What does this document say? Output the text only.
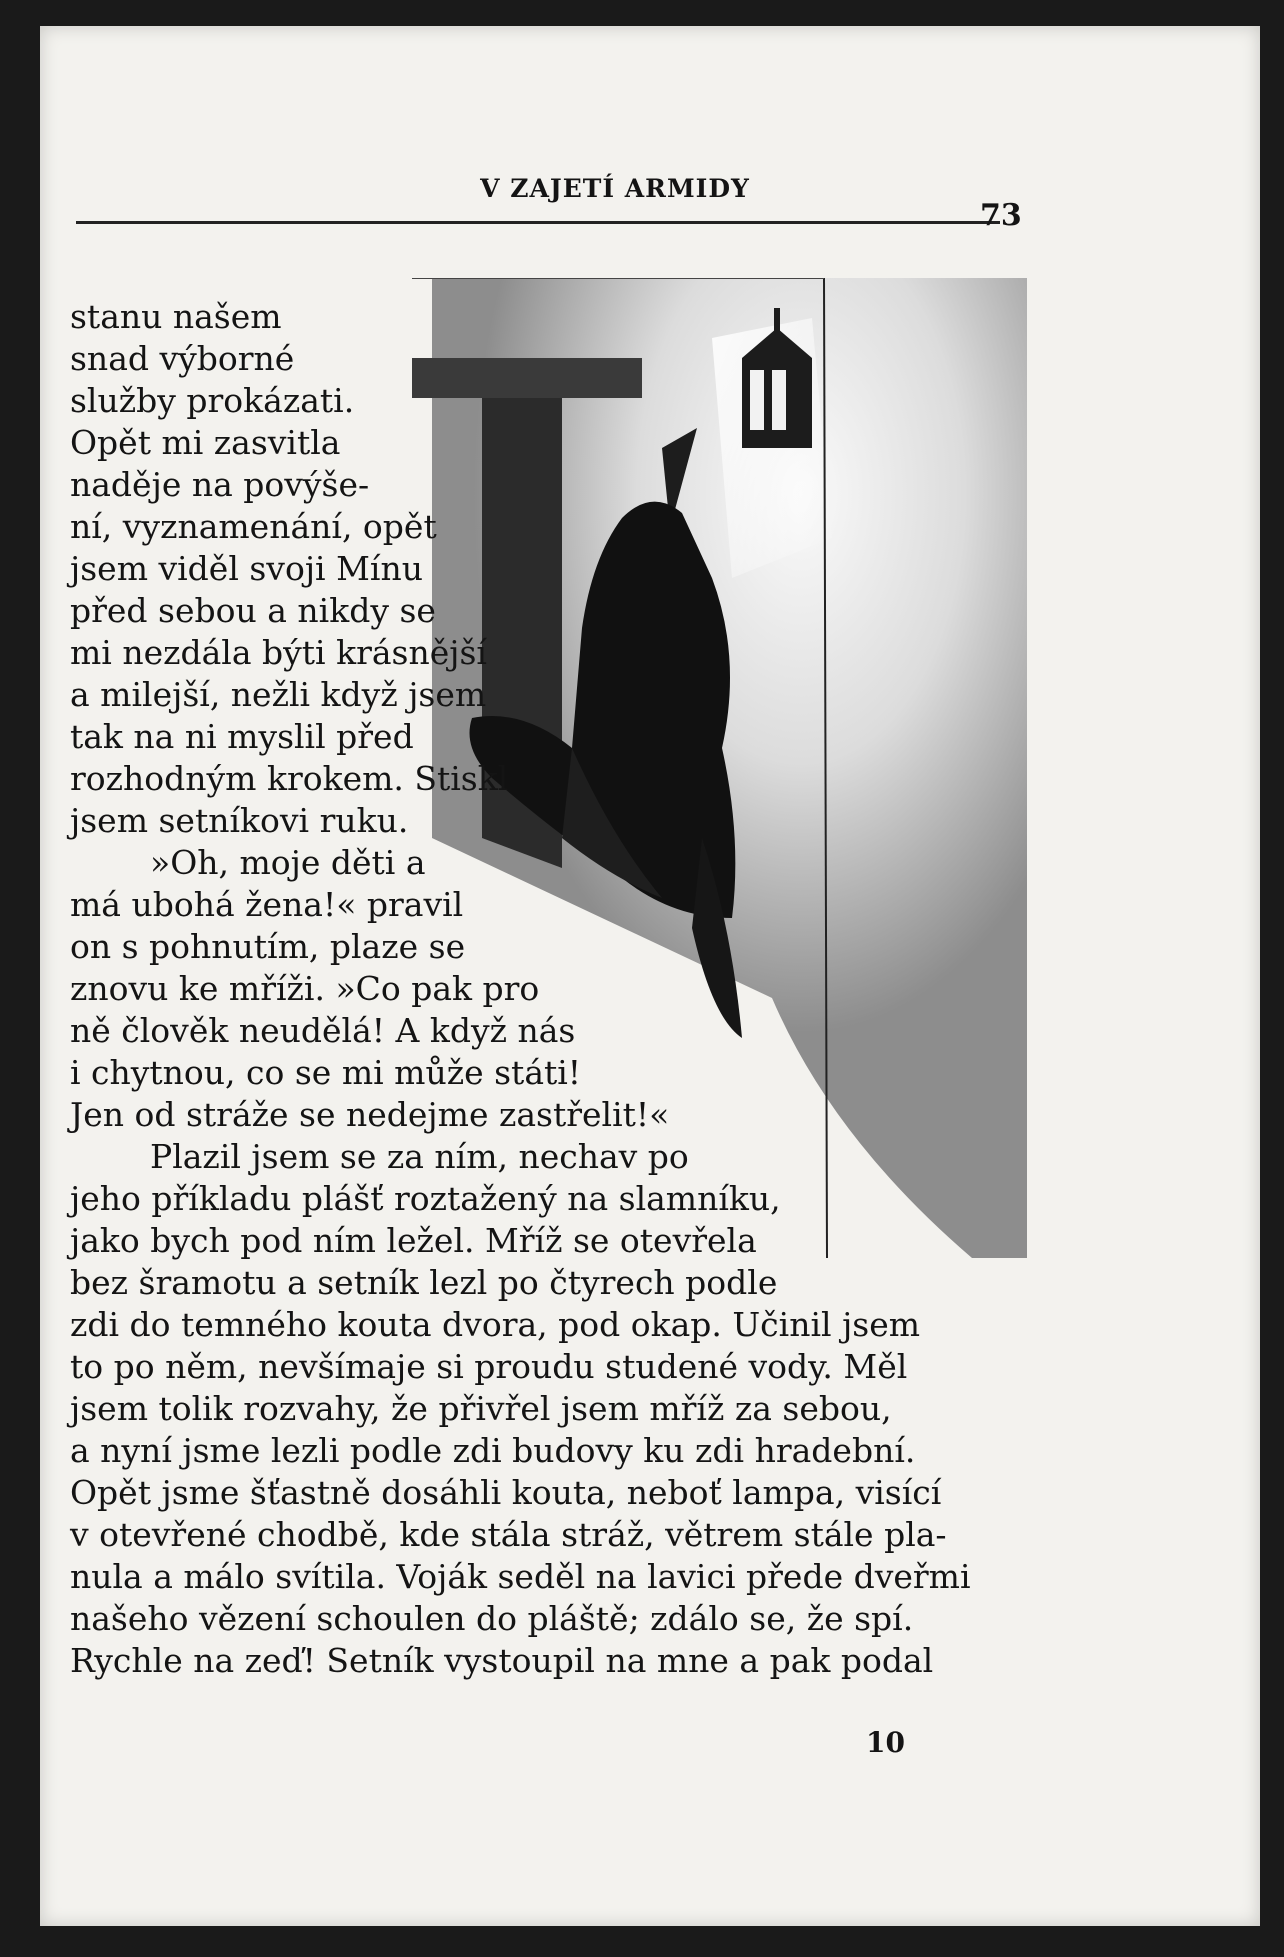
V ZAJETÍ ARMIDY
73
stanu našem
snad výborné
služby prokázati.
Opět mi zasvitla
naděje na povýše-
ní, vyznamenání, opět
jsem viděl svoji Mínu
před sebou a nikdy se
mi nezdála býti krásnější
a milejší, nežli když jsem
tak na ni myslil před
rozhodným krokem. Stiskl
jsem setníkovi ruku.
»Oh, moje děti a
má ubohá žena!« pravil
on s pohnutím, plaze se
znovu ke mříži. »Co pak pro
ně člověk neudělá! A když nás
i chytnou, co se mi může státi!
Jen od stráže se nedejme zastřelit!«
Plazil jsem se za ním, nechav po
jeho příkladu plášť roztažený na slamníku,
jako bych pod ním ležel. Mříž se otevřela
bez šramotu a setník lezl po čtyrech podle
zdi do temného kouta dvora, pod okap. Učinil jsem
to po něm, nevšímaje si proudu studené vody. Měl
jsem tolik rozvahy, že přivřel jsem mříž za sebou,
a nyní jsme lezli podle zdi budovy ku zdi hradební.
Opět jsme šťastně dosáhli kouta, neboť lampa, visící
v otevřené chodbě, kde stála stráž, větrem stále pla-
nula a málo svítila. Voják seděl na lavici přede dveřmi
našeho vězení schoulen do pláště; zdálo se, že spí.
Rychle na zeď! Setník vystoupil na mne a pak podal
10
